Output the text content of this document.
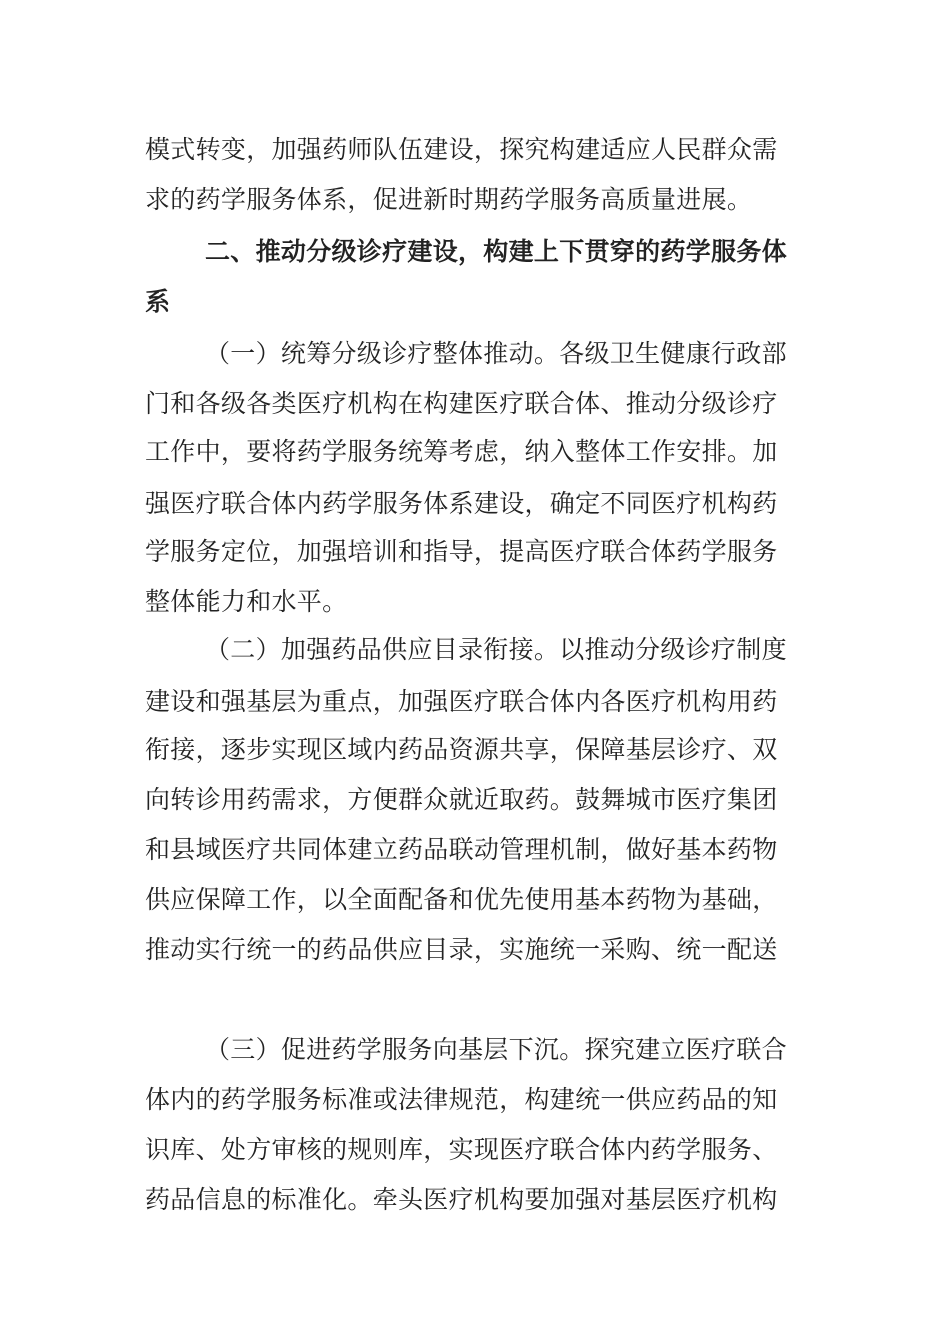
模式转变，加强药师队伍建设，探究构建适应人民群众需
求的药学服务体系，促进新时期药学服务高质量进展。
二、推动分级诊疗建设，构建上下贯穿的药学服务体
系
（一）统筹分级诊疗整体推动。各级卫生健康行政部
门和各级各类医疗机构在构建医疗联合体、推动分级诊疗
工作中，要将药学服务统筹考虑，纳入整体工作安排。加
强医疗联合体内药学服务体系建设，确定不同医疗机构药
学服务定位，加强培训和指导，提高医疗联合体药学服务
整体能力和水平。
（二）加强药品供应目录衔接。以推动分级诊疗制度
建设和强基层为重点，加强医疗联合体内各医疗机构用药
衔接，逐步实现区域内药品资源共享，保障基层诊疗、双
向转诊用药需求，方便群众就近取药。鼓舞城市医疗集团
和县域医疗共同体建立药品联动管理机制，做好基本药物
供应保障工作，以全面配备和优先使用基本药物为基础，
推动实行统一的药品供应目录，实施统一采购、统一配送
（三）促进药学服务向基层下沉。探究建立医疗联合
体内的药学服务标准或法律规范，构建统一供应药品的知
识库、处方审核的规则库，实现医疗联合体内药学服务、
药品信息的标准化。牵头医疗机构要加强对基层医疗机构
